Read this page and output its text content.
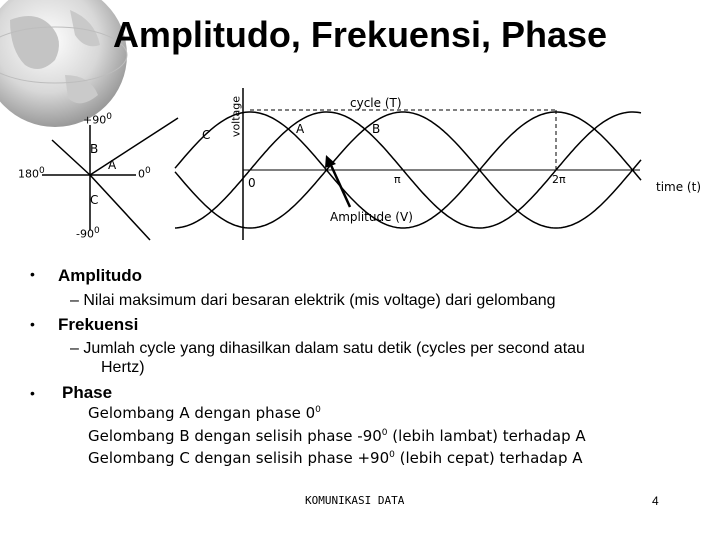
Amplitudo, Frekuensi, Phase
$+90^0$
$-90^0$
$180^0$	$0^0$
A
B
C
C	A	B
voltage	cycle (T)
0	π	2π
time (t)
Amplitude (V)
• Amplitudo
– Nilai maksimum dari besaran elektrik (mis voltage) dari gelombang
• Frekuensi
– Jumlah cycle yang dihasilkan dalam satu detik (cycles per second atau
Hertz)
• Phase
Gelombang A dengan phase $0^0$
Gelombang B dengan selisih phase $-90^0$ (lebih lambat) terhadap A
Gelombang C dengan selisih phase $+90^0$ (lebih cepat) terhadap A
KOMUNIKASI DATA	4
